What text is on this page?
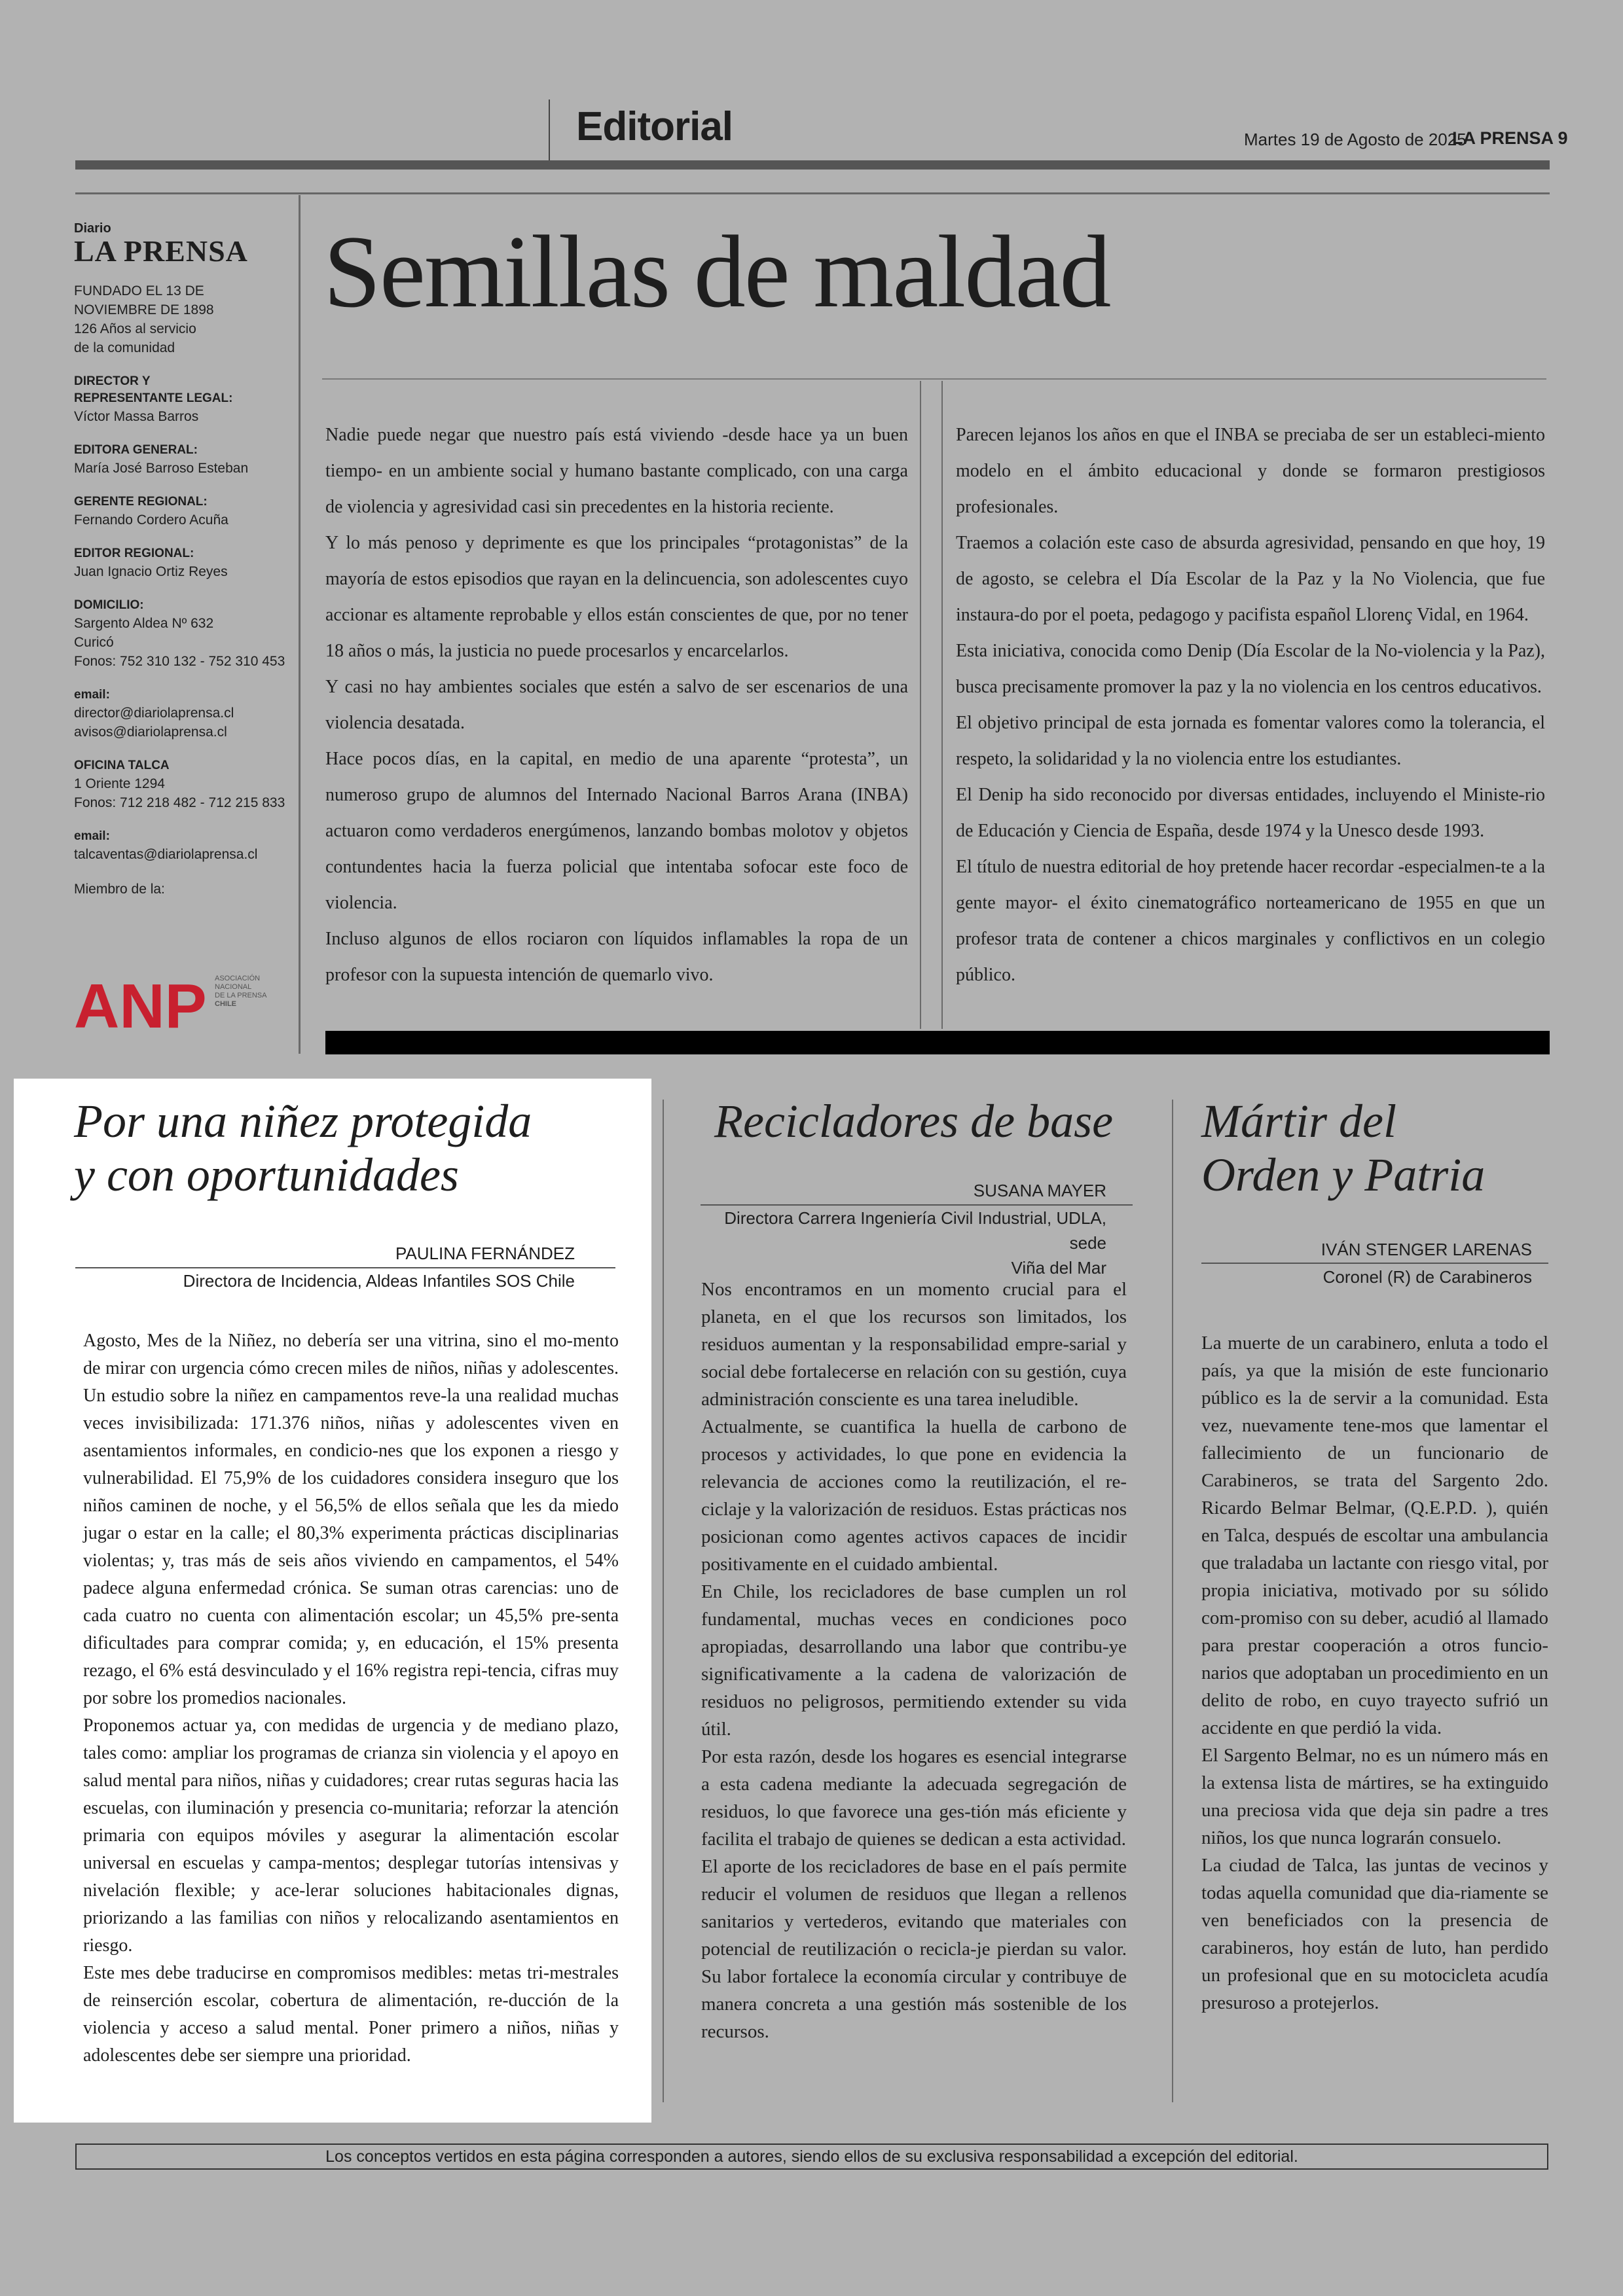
Editorial	Martes 19 de Agosto de 2025
LA PRENSA 9
Diario
LA PRENSA
FUNDADO EL 13 DE
NOVIEMBRE DE 1898
126 Años al servicio
de la comunidad
DIRECTOR Y
REPRESENTANTE LEGAL:
Víctor Massa Barros
EDITORA GENERAL:
María José Barroso Esteban
GERENTE REGIONAL:
Fernando Cordero Acuña
EDITOR REGIONAL:
Juan Ignacio Ortiz Reyes
DOMICILIO:
Sargento Aldea Nº 632
Curicó
Fonos: 752 310 132 - 752 310 453
email:
director@diariolaprensa.cl
avisos@diariolaprensa.cl
OFICINA TALCA
1 Oriente 1294
Fonos: 712 218 482 - 712 215 833
email:
talcaventas@diariolaprensa.cl
Miembro de la:
ANP ASOCIACIÓN
NACIONAL
DE LA PRENSA
CHILE
Semillas de maldad

Nadie puede negar que nuestro país está viviendo -desde hace ya un buen tiempo- en un ambiente social y humano bastante complicado, con una carga de violencia y agresividad casi sin precedentes en la historia reciente.

Y lo más penoso y deprimente es que los principales “protagonistas” de la mayoría de estos episodios que rayan en la delincuencia, son adolescentes cuyo accionar es altamente reprobable y ellos están conscientes de que, por no tener 18 años o más, la justicia no puede procesarlos y encarcelarlos.

Y casi no hay ambientes sociales que estén a salvo de ser escenarios de una violencia desatada.

Hace pocos días, en la capital, en medio de una aparente “protesta”, un numeroso grupo de alumnos del Internado Nacional Barros Arana (INBA) actuaron como verdaderos energúmenos, lanzando bombas molotov y objetos contundentes hacia la fuerza policial que intentaba sofocar este foco de violencia.

Incluso algunos de ellos rociaron con líquidos inflamables la ropa de un profesor con la supuesta intención de quemarlo vivo.

Parecen lejanos los años en que el INBA se preciaba de ser un estableci-miento modelo en el ámbito educacional y donde se formaron prestigiosos profesionales.

Traemos a colación este caso de absurda agresividad, pensando en que hoy, 19 de agosto, se celebra el Día Escolar de la Paz y la No Violencia, que fue instaura-do por el poeta, pedagogo y pacifista español Llorenç Vidal, en 1964.

Esta iniciativa, conocida como Denip (Día Escolar de la No-violencia y la Paz), busca precisamente promover la paz y la no violencia en los centros educativos.

El objetivo principal de esta jornada es fomentar valores como la tolerancia, el respeto, la solidaridad y la no violencia entre los estudiantes.

El Denip ha sido reconocido por diversas entidades, incluyendo el Ministe-rio de Educación y Ciencia de España, desde 1974 y la Unesco desde 1993.

El título de nuestra editorial de hoy pretende hacer recordar -especialmen-te a la gente mayor- el éxito cinematográfico norteamericano de 1955 en que un profesor trata de contener a chicos marginales y conflictivos en un colegio público.

Por una niñez protegida
y con oportunidades
PAULINA FERNÁNDEZ
Directora de Incidencia, Aldeas Infantiles SOS Chile

Agosto, Mes de la Niñez, no debería ser una vitrina, sino el mo-mento de mirar con urgencia cómo crecen miles de niños, niñas y adolescentes. Un estudio sobre la niñez en campamentos reve-la una realidad muchas veces invisibilizada: 171.376 niños, niñas y adolescentes viven en asentamientos informales, en condicio-nes que los exponen a riesgo y vulnerabilidad. El 75,9% de los cuidadores considera inseguro que los niños caminen de noche, y el 56,5% de ellos señala que les da miedo jugar o estar en la calle; el 80,3% experimenta prácticas disciplinarias violentas; y, tras más de seis años viviendo en campamentos, el 54% padece alguna enfermedad crónica. Se suman otras carencias: uno de cada cuatro no cuenta con alimentación escolar; un 45,5% pre-senta dificultades para comprar comida; y, en educación, el 15% presenta rezago, el 6% está desvinculado y el 16% registra repi-tencia, cifras muy por sobre los promedios nacionales.

Proponemos actuar ya, con medidas de urgencia y de mediano plazo, tales como: ampliar los programas de crianza sin violencia y el apoyo en salud mental para niños, niñas y cuidadores; crear rutas seguras hacia las escuelas, con iluminación y presencia co-munitaria; reforzar la atención primaria con equipos móviles y asegurar la alimentación escolar universal en escuelas y campa-mentos; desplegar tutorías intensivas y nivelación flexible; y ace-lerar soluciones habitacionales dignas, priorizando a las familias con niños y relocalizando asentamientos en riesgo.

Este mes debe traducirse en compromisos medibles: metas tri-mestrales de reinserción escolar, cobertura de alimentación, re-ducción de la violencia y acceso a salud mental. Poner primero a niños, niñas y adolescentes debe ser siempre una prioridad.

Recicladores de base
SUSANA MAYER
Directora Carrera Ingeniería Civil Industrial, UDLA, sede
Viña del Mar

Nos encontramos en un momento crucial para el planeta, en el que los recursos son limitados, los residuos aumentan y la responsabilidad empre-sarial y social debe fortalecerse en relación con su gestión, cuya administración consciente es una tarea ineludible.

Actualmente, se cuantifica la huella de carbono de procesos y actividades, lo que pone en evidencia la relevancia de acciones como la reutilización, el re-ciclaje y la valorización de residuos. Estas prácticas nos posicionan como agentes activos capaces de incidir positivamente en el cuidado ambiental.

En Chile, los recicladores de base cumplen un rol fundamental, muchas veces en condiciones poco apropiadas, desarrollando una labor que contribu-ye significativamente a la cadena de valorización de residuos no peligrosos, permitiendo extender su vida útil.

Por esta razón, desde los hogares es esencial integrarse a esta cadena mediante la adecuada segregación de residuos, lo que favorece una ges-tión más eficiente y facilita el trabajo de quienes se dedican a esta actividad.

El aporte de los recicladores de base en el país permite reducir el volumen de residuos que llegan a rellenos sanitarios y vertederos, evitando que materiales con potencial de reutilización o recicla-je pierdan su valor. Su labor fortalece la economía circular y contribuye de manera concreta a una gestión más sostenible de los recursos.

Mártir del
Orden y Patria
IVÁN STENGER LARENAS
Coronel (R) de Carabineros

La muerte de un carabinero, enluta a todo el país, ya que la misión de este funcionario público es la de servir a la comunidad. Esta vez, nuevamente tene-mos que lamentar el fallecimiento de un funcionario de Carabineros, se trata del Sargento 2do. Ricardo Belmar Belmar, (Q.E.P.D. ), quién en Talca, después de escoltar una ambulancia que traladaba un lactante con riesgo vital, por propia iniciativa, motivado por su sólido com-promiso con su deber, acudió al llamado para prestar cooperación a otros funcio-narios que adoptaban un procedimiento en un delito de robo, en cuyo trayecto sufrió un accidente en que perdió la vida.

El Sargento Belmar, no es un número más en la extensa lista de mártires, se ha extinguido una preciosa vida que deja sin padre a tres niños, los que nunca lograrán consuelo.

La ciudad de Talca, las juntas de vecinos y todas aquella comunidad que dia-riamente se ven beneficiados con la presencia de carabineros, hoy están de luto, han perdido un profesional que en su motocicleta acudía presuroso a protejerlos.

Los conceptos vertidos en esta página corresponden a autores, siendo ellos de su exclusiva responsabilidad a excepción del editorial.
